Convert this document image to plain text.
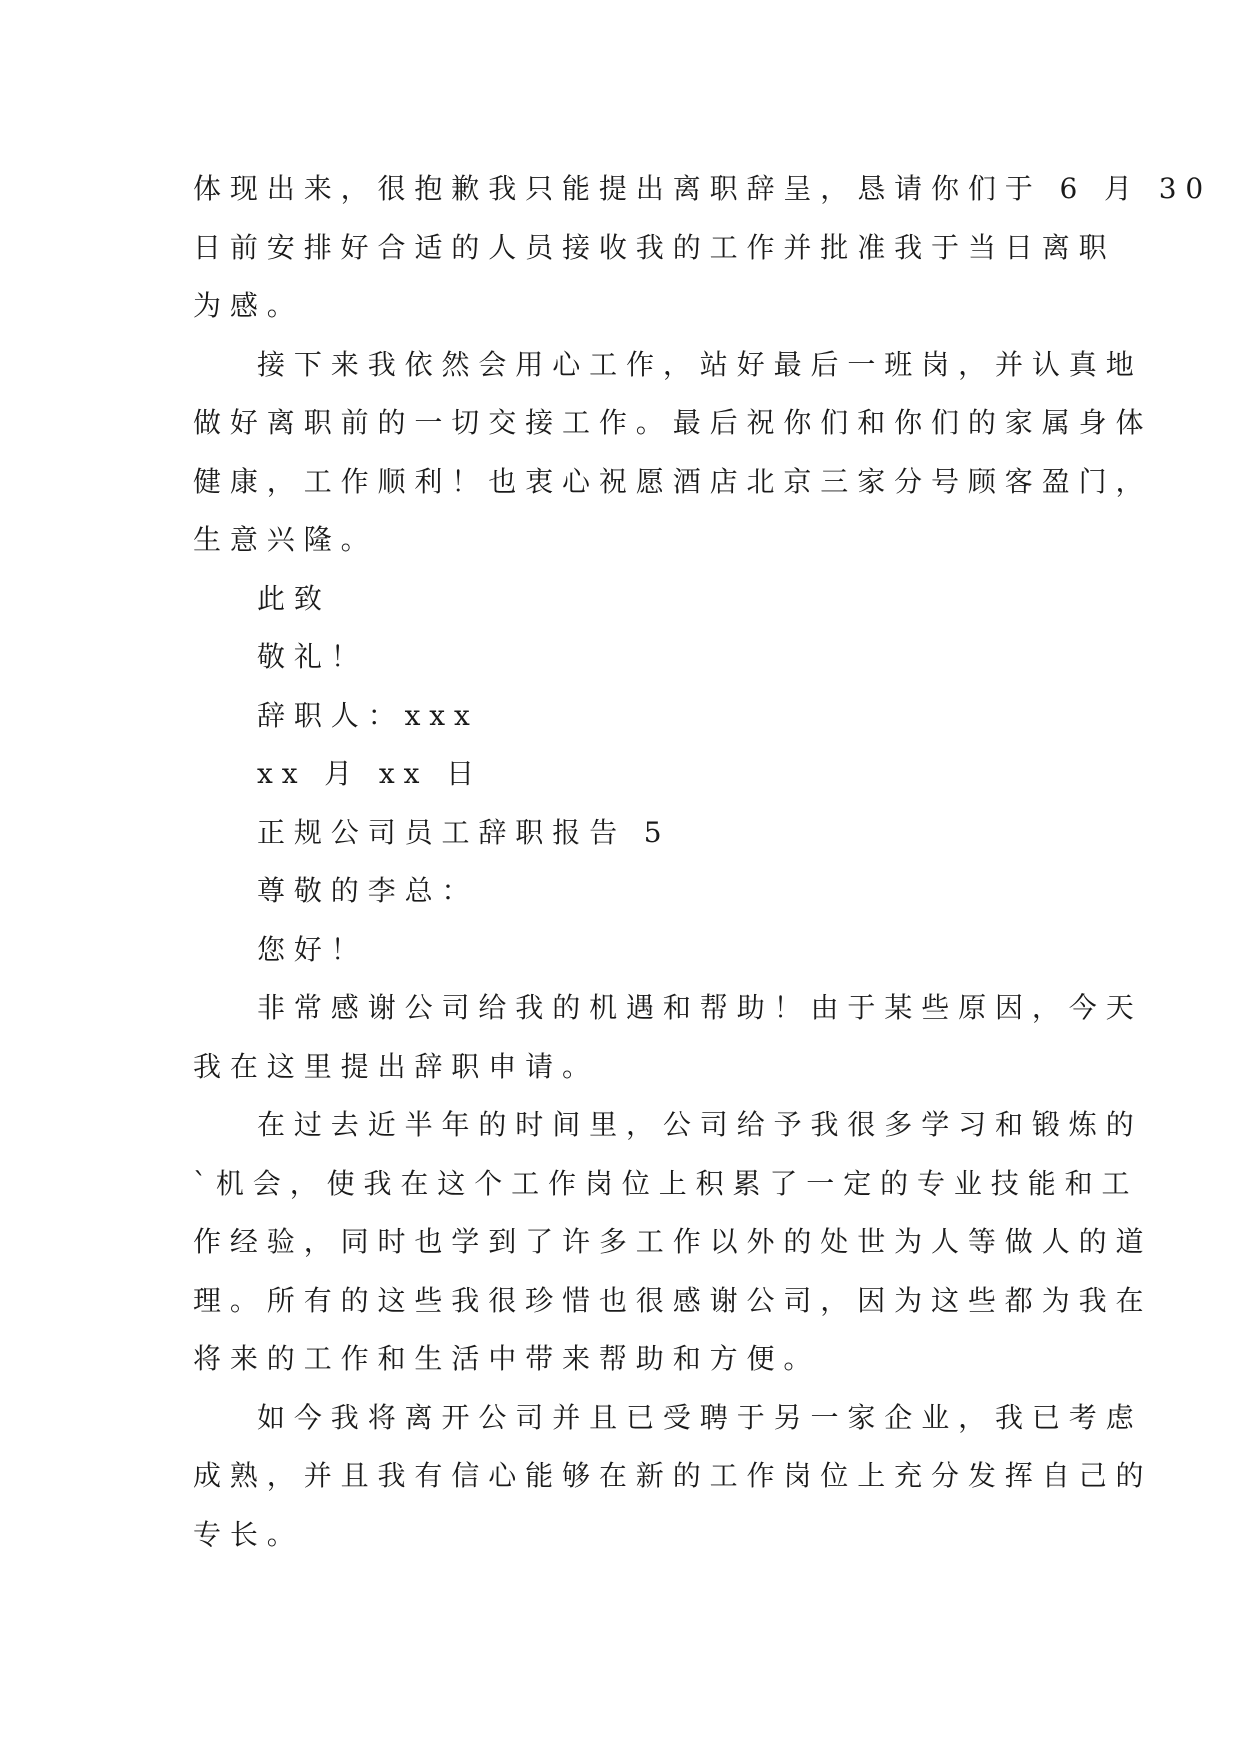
体现出来，很抱歉我只能提出离职辞呈，恳请你们于 6 月 30
日前安排好合适的人员接收我的工作并批准我于当日离职
为感。
接下来我依然会用心工作，站好最后一班岗，并认真地
做好离职前的一切交接工作。最后祝你们和你们的家属身体
健康，工作顺利！也衷心祝愿酒店北京三家分号顾客盈门，
生意兴隆。
此致
敬礼！
辞职人：xxx
xx 月 xx 日
正规公司员工辞职报告 5
尊敬的李总：
您好！
非常感谢公司给我的机遇和帮助！由于某些原因，今天
我在这里提出辞职申请。
在过去近半年的时间里，公司给予我很多学习和锻炼的
`机会，使我在这个工作岗位上积累了一定的专业技能和工
作经验，同时也学到了许多工作以外的处世为人等做人的道
理。所有的这些我很珍惜也很感谢公司，因为这些都为我在
将来的工作和生活中带来帮助和方便。
如今我将离开公司并且已受聘于另一家企业，我已考虑
成熟，并且我有信心能够在新的工作岗位上充分发挥自己的
专长。
